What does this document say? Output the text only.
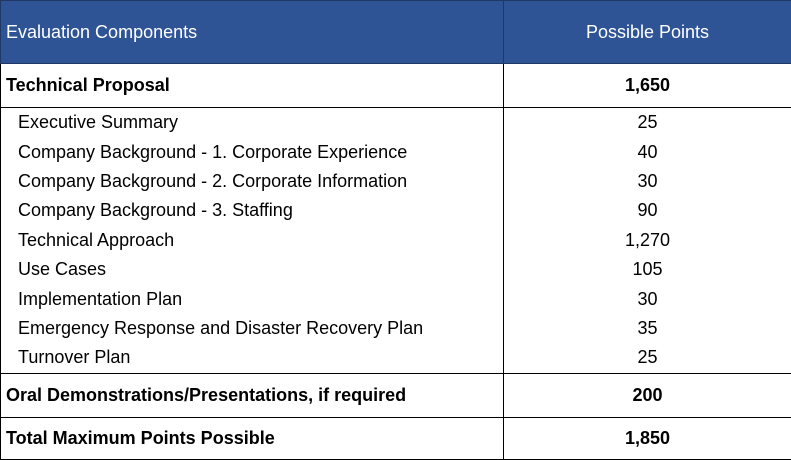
Evaluation Components	Possible Points
Technical Proposal	1,650
Executive Summary	25
Company Background - 1. Corporate Experience	40
Company Background - 2. Corporate Information	30
Company Background - 3. Staffing	90
Technical Approach	1,270
Use Cases	105
Implementation Plan	30
Emergency Response and Disaster Recovery Plan	35
Turnover Plan	25
Oral Demonstrations/Presentations, if required	200
Total Maximum Points Possible	1,850
